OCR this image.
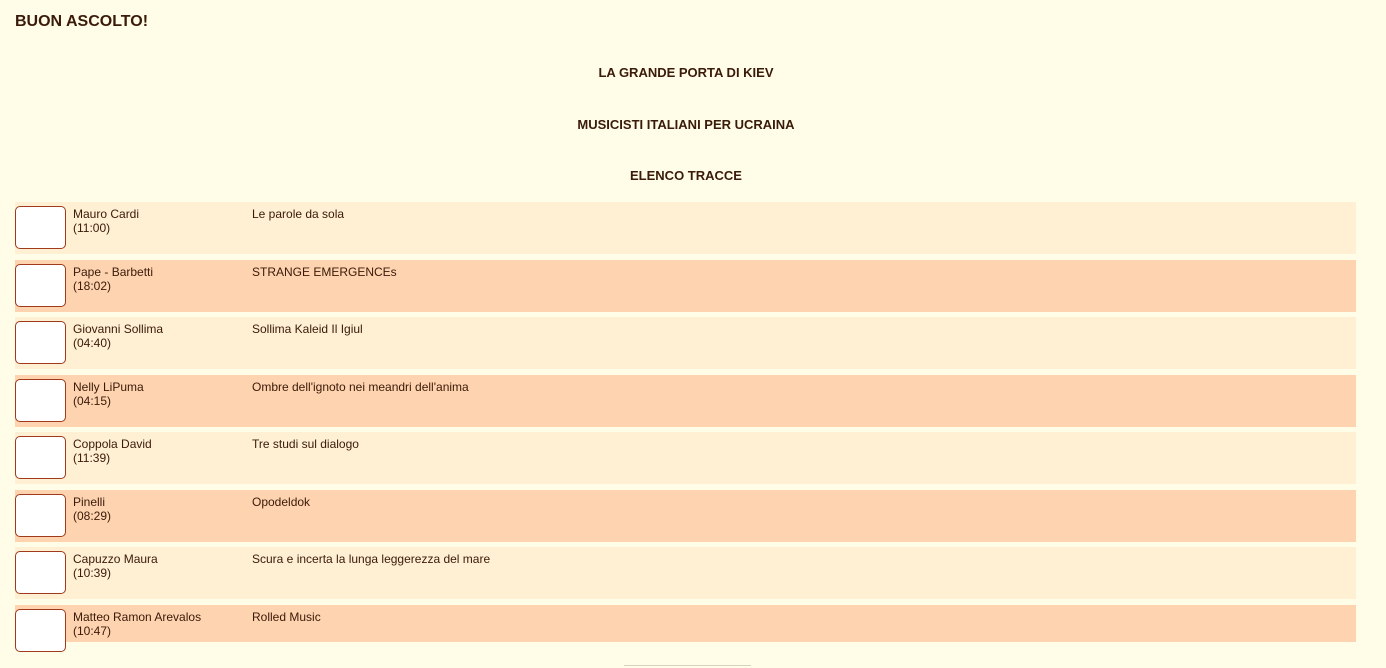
BUON ASCOLTO!
LA GRANDE PORTA DI KIEV
MUSICISTI ITALIANI PER UCRAINA
ELENCO TRACCE
Mauro Cardi
(11:00)
Le parole da sola
Pape - Barbetti
(18:02)
STRANGE EMERGENCEs
Giovanni Sollima
(04:40)
Sollima Kaleid Il Igiul
Nelly LiPuma
(04:15)
Ombre dell'ignoto nei meandri dell'anima
Coppola David
(11:39)
Tre studi sul dialogo
Pinelli
(08:29)
Opodeldok
Capuzzo Maura
(10:39)
Scura e incerta la lunga leggerezza del mare
Matteo Ramon Arevalos
(10:47)
Rolled Music
